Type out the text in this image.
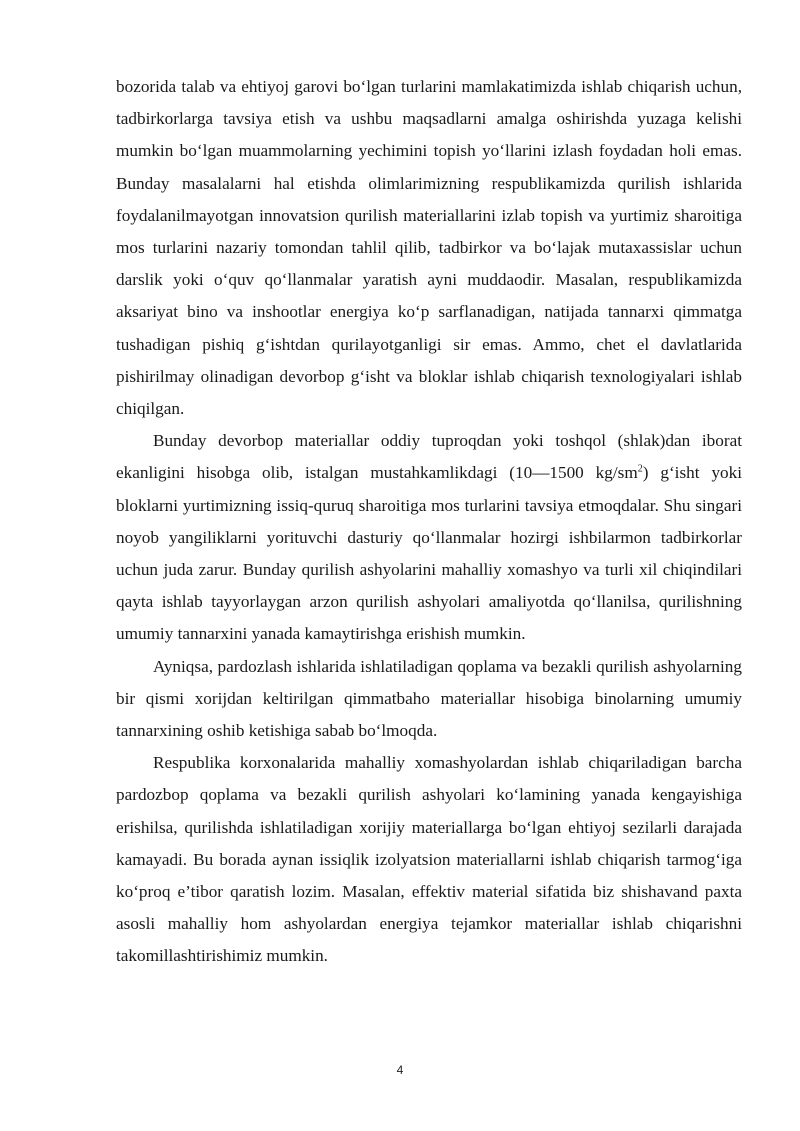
bozorida talab va ehtiyoj garovi bo‘lgan turlarini mamlakatimizda ishlab chiqarish uchun, tadbirkorlarga tavsiya etish va ushbu maqsadlarni amalga oshirishda yuzaga kelishi mumkin bo‘lgan muammolarning yechimini topish yo‘llarini izlash foydadan holi emas. Bunday masalalarni hal etishda olimlarimizning respublikamizda qurilish ishlarida foydalanilmayotgan innovatsion qurilish materiallarini izlab topish va yurtimiz sharoitiga mos turlarini nazariy tomondan tahlil qilib, tadbirkor va bo‘lajak mutaxassislar uchun darslik yoki o‘quv qo‘llanmalar yaratish ayni muddaodir. Masalan, respublikamizda aksariyat bino va inshootlar energiya ko‘p sarflanadigan, natijada tannarxi qimmatga tushadigan pishiq g‘ishtdan qurilayotganligi sir emas. Ammo, chet el davlatlarida pishirilmay olinadigan devorbop g‘isht va bloklar ishlab chiqarish texnologiyalari ishlab chiqilgan.

Bunday devorbop materiallar oddiy tuproqdan yoki toshqol (shlak)dan iborat ekanligini hisobga olib, istalgan mustahkamlikdagi (10—1500 $kg/sm^2$) g‘isht yoki bloklarni yurtimizning issiq-quruq sharoitiga mos turlarini tavsiya etmoqdalar. Shu singari noyob yangiliklarni yorituvchi dasturiy qo‘llanmalar hozirgi ishbilarmon tadbirkorlar uchun juda zarur. Bunday qurilish ashyolarini mahalliy xomashyo va turli xil chiqindilari qayta ishlab tayyorlaygan arzon qurilish ashyolari amaliyotda qo‘llanilsa, qurilishning umumiy tannarxini yanada kamaytirishga erishish mumkin.

Ayniqsa, pardozlash ishlarida ishlatiladigan qoplama va bezakli qurilish ashyolarning bir qismi xorijdan keltirilgan qimmatbaho materiallar hisobiga binolarning umumiy tannarxining oshib ketishiga sabab bo‘lmoqda.

Respublika korxonalarida mahalliy xomashyolardan ishlab chiqariladigan barcha pardozbop qoplama va bezakli qurilish ashyolari ko‘lamining yanada kengayishiga erishilsa, qurilishda ishlatiladigan xorijiy materiallarga bo‘lgan ehtiyoj sezilarli darajada kamayadi. Bu borada aynan issiqlik izolyatsion materiallarni ishlab chiqarish tarmog‘iga ko‘proq e’tibor qaratish lozim. Masalan, effektiv material sifatida biz shishavand paxta asosli mahalliy hom ashyolardan energiya tejamkor materiallar ishlab chiqarishni takomillashtirishimiz mumkin.

4
